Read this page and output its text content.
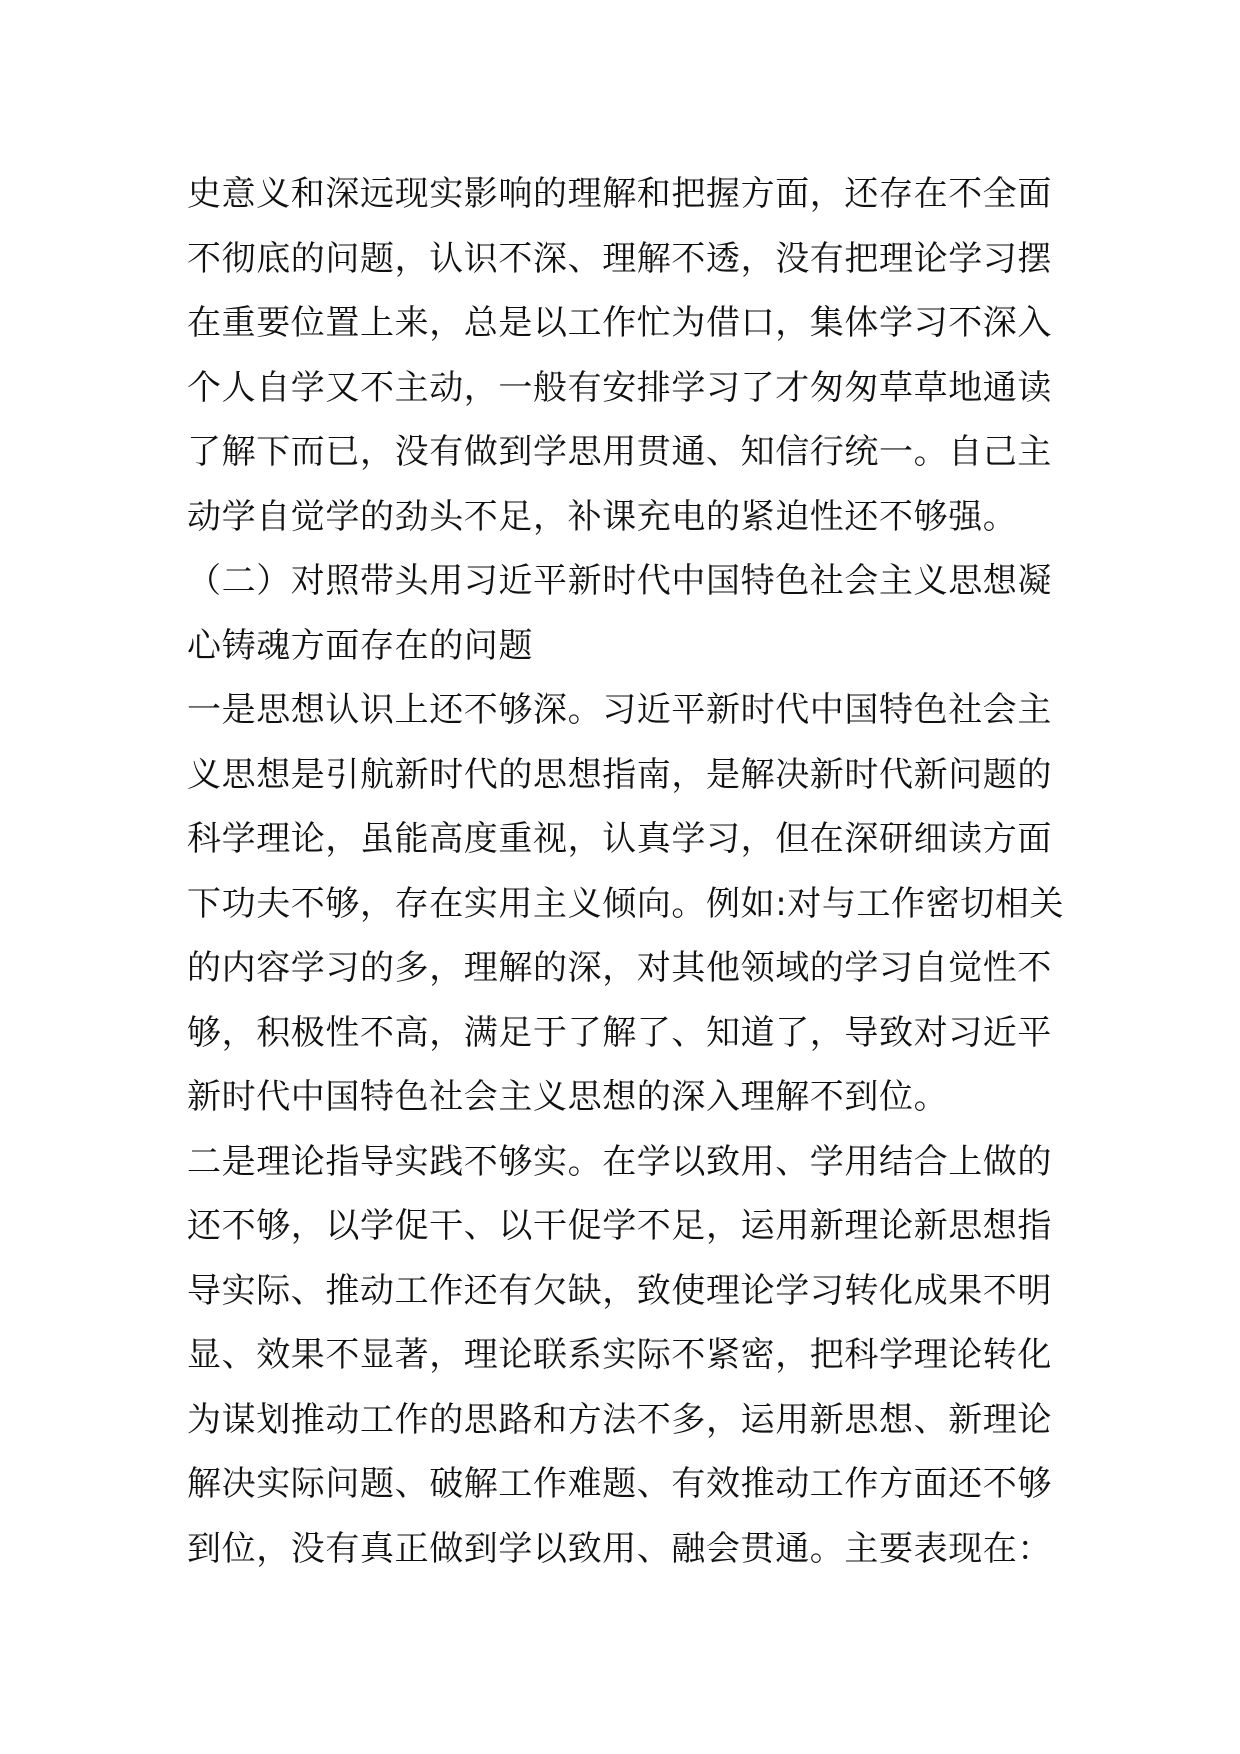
史意义和深远现实影响的理解和把握方面，还存在不全面
不彻底的问题，认识不深、理解不透，没有把理论学习摆
在重要位置上来，总是以工作忙为借口，集体学习不深入
个人自学又不主动，一般有安排学习了才匆匆草草地通读
了解下而已，没有做到学思用贯通、知信行统一。自己主
动学自觉学的劲头不足，补课充电的紧迫性还不够强。
（二）对照带头用习近平新时代中国特色社会主义思想凝
心铸魂方面存在的问题
一是思想认识上还不够深。习近平新时代中国特色社会主
义思想是引航新时代的思想指南，是解决新时代新问题的
科学理论，虽能高度重视，认真学习，但在深研细读方面
下功夫不够，存在实用主义倾向。例如:对与工作密切相关
的内容学习的多，理解的深，对其他领域的学习自觉性不
够，积极性不高，满足于了解了、知道了，导致对习近平
新时代中国特色社会主义思想的深入理解不到位。
二是理论指导实践不够实。在学以致用、学用结合上做的
还不够，以学促干、以干促学不足，运用新理论新思想指
导实际、推动工作还有欠缺，致使理论学习转化成果不明
显、效果不显著，理论联系实际不紧密，把科学理论转化
为谋划推动工作的思路和方法不多，运用新思想、新理论
解决实际问题、破解工作难题、有效推动工作方面还不够
到位，没有真正做到学以致用、融会贯通。主要表现在：
